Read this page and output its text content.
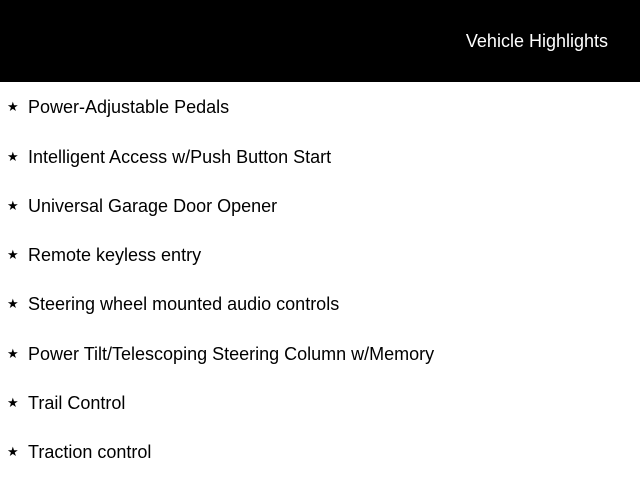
Vehicle Highlights
★ Power-Adjustable Pedals
★ Intelligent Access w/Push Button Start
★ Universal Garage Door Opener
★ Remote keyless entry
★ Steering wheel mounted audio controls
★ Power Tilt/Telescoping Steering Column w/Memory
★ Trail Control
★ Traction control
